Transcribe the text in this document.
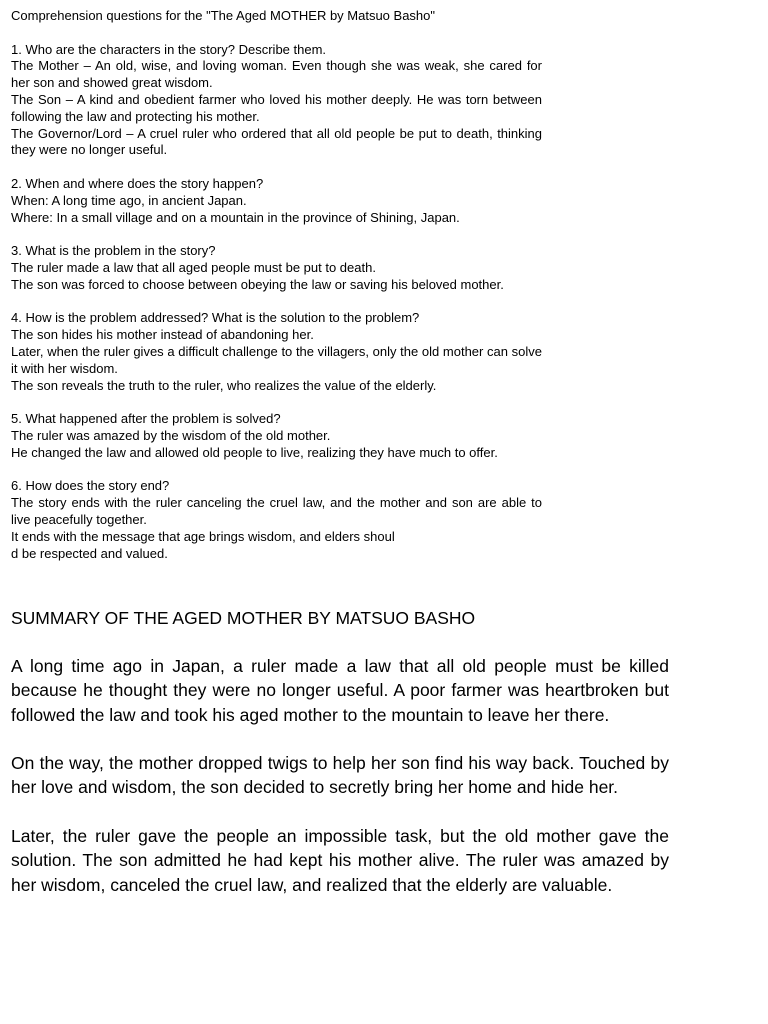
Comprehension questions for the "The Aged MOTHER by Matsuo Basho"
1. Who are the characters in the story? Describe them.
The Mother – An old, wise, and loving woman. Even though she was weak, she cared for her son and showed great wisdom.
The Son – A kind and obedient farmer who loved his mother deeply. He was torn between following the law and protecting his mother.
The Governor/Lord – A cruel ruler who ordered that all old people be put to death, thinking they were no longer useful.
2. When and where does the story happen?
When: A long time ago, in ancient Japan.
Where: In a small village and on a mountain in the province of Shining, Japan.
3. What is the problem in the story?
The ruler made a law that all aged people must be put to death.
The son was forced to choose between obeying the law or saving his beloved mother.
4. How is the problem addressed? What is the solution to the problem?
The son hides his mother instead of abandoning her.
Later, when the ruler gives a difficult challenge to the villagers, only the old mother can solve it with her wisdom.
The son reveals the truth to the ruler, who realizes the value of the elderly.
5. What happened after the problem is solved?
The ruler was amazed by the wisdom of the old mother.
He changed the law and allowed old people to live, realizing they have much to offer.
6. How does the story end?
The story ends with the ruler canceling the cruel law, and the mother and son are able to live peacefully together.
It ends with the message that age brings wisdom, and elders shoul
d be respected and valued.
SUMMARY OF THE AGED MOTHER BY MATSUO BASHO

A long time ago in Japan, a ruler made a law that all old people must be killed because he thought they were no longer useful. A poor farmer was heartbroken but followed the law and took his aged mother to the mountain to leave her there.

On the way, the mother dropped twigs to help her son find his way back. Touched by her love and wisdom, the son decided to secretly bring her home and hide her.

Later, the ruler gave the people an impossible task, but the old mother gave the solution. The son admitted he had kept his mother alive. The ruler was amazed by her wisdom, canceled the cruel law, and realized that the elderly are valuable.
